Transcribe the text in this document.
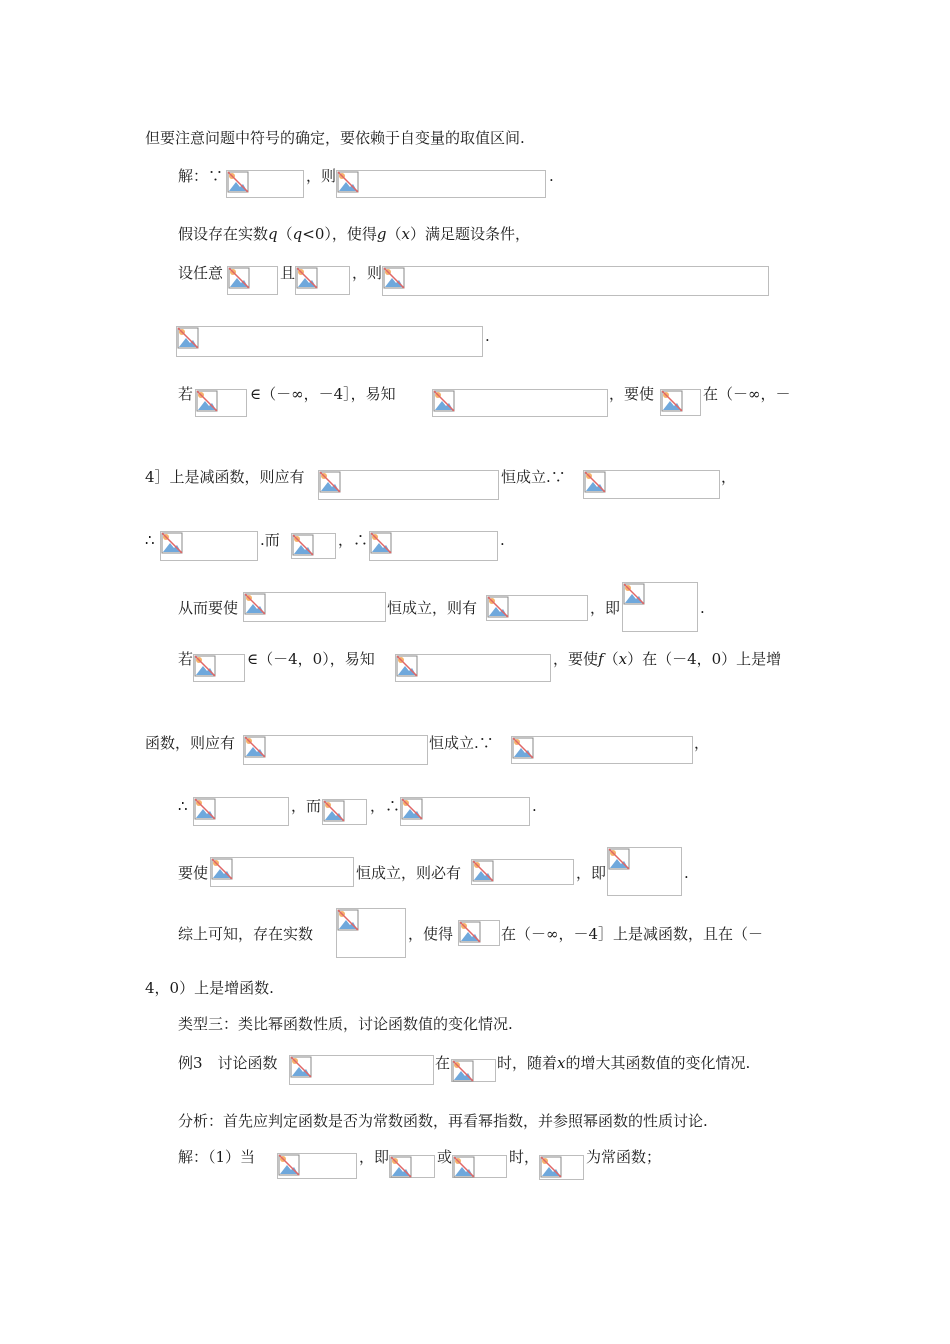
但要注意问题中符号的确定，要依赖于自变量的取值区间.
解：∵	，则	.
假设存在实数q（q<0），使得g（x）满足题设条件，
设任意	且	，则
.
若	∈（－∞，－4］，易知	，要使	在（－∞，－
4］上是减函数，则应有	恒成立.∵	，
∴	.而	，∴	.
从而要使	恒成立，则有	，即	.
若	∈（－4，0），易知	，要使f（x）在（－4，0）上是增
函数，则应有	恒成立.∵	，
∴	，而	，∴	.
要使	恒成立，则必有	，即	.
综上可知，存在实数	，使得	在（－∞，－4］上是减函数，且在（－
4，0）上是增函数.
类型三：类比幂函数性质，讨论函数值的变化情况.
例3　讨论函数	在	时，随着x的增大其函数值的变化情况.
分析：首先应判定函数是否为常数函数，再看幂指数，并参照幂函数的性质讨论.
解：（1）当	，即	或	时，	为常函数；
